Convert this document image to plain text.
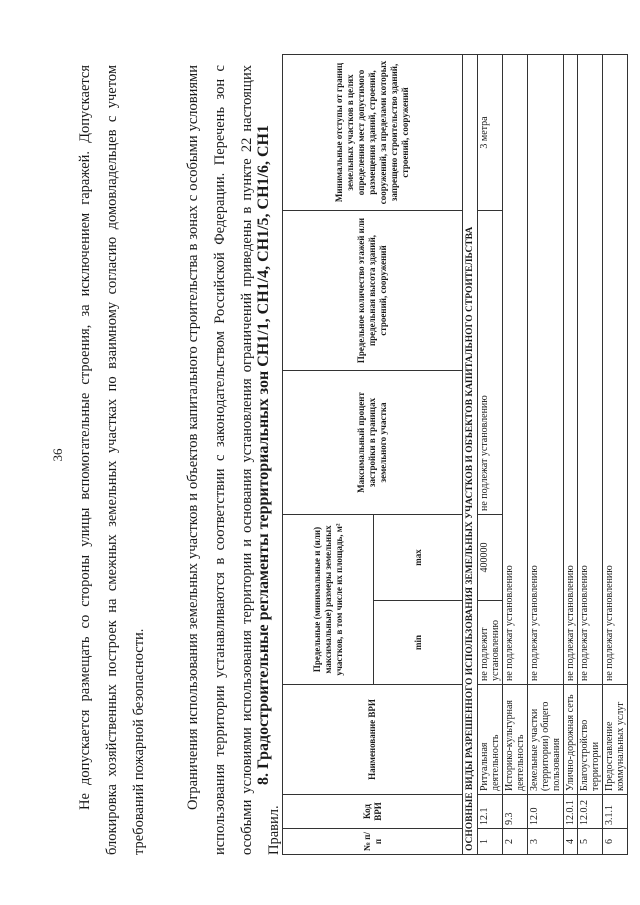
36 Не допускается размещать со стороны улицы вспомогательные строения, за исключением гаражей. Допускается блокировка хозяйственных построек на смежных земельных участках по взаимному согласию домовладельцев с учетом требований пожарной безопасности.	Ограничения использования земельных участков и объектов капитального строительства в зонах с особыми условиями использования территории устанавливаются в соответствии с законодательством Российской Федерации. Перечень зон с особыми условиями использования территории и основания установления ограничений приведены в пункте 22 настоящих Правил.
8. Градостроительные регламенты территориальных зон СН1/1, СН1/4, СН1/5, СН1/6, СН1
№ п/п	Код ВРИ	Наименование ВРИ	Предельные (минимальные и (или) максимальные) размеры земельных участков, в том числе их площадь, м²		Максимальный процент застройки в границах земельного участка	Предельное количество этажей или предельная высота зданий, строений, сооружений	Минимальные отступы от границ земельных участков в целях определения мест допустимого размещения зданий, строений, сооружений, за пределами которых запрещено строительство зданий, строений, сооружений
			min	max			
ОСНОВНЫЕ ВИДЫ РАЗРЕШЕННОГО ИСПОЛЬЗОВАНИЯ ЗЕМЕЛЬНЫХ УЧАСТКОВ И ОБЪЕКТОВ КАПИТАЛЬНОГО СТРОИТЕЛЬСТВА							
1	12.1	Ритуальная деятельность	не подлежит установлению	400000	не подлежат установлению		3 метра
2	9.3	Историко-культурная деятельность	не подлежат установлению				
3	12.0	Земельные участки (территории) общего пользования	не подлежат установлению				
4	12.0.1	Улично-дорожная сеть	не подлежат установлению				
5	12.0.2	Благоустройство территории	не подлежат установлению				
6	3.1.1	Предоставление коммунальных услуг	не подлежат установлению				
